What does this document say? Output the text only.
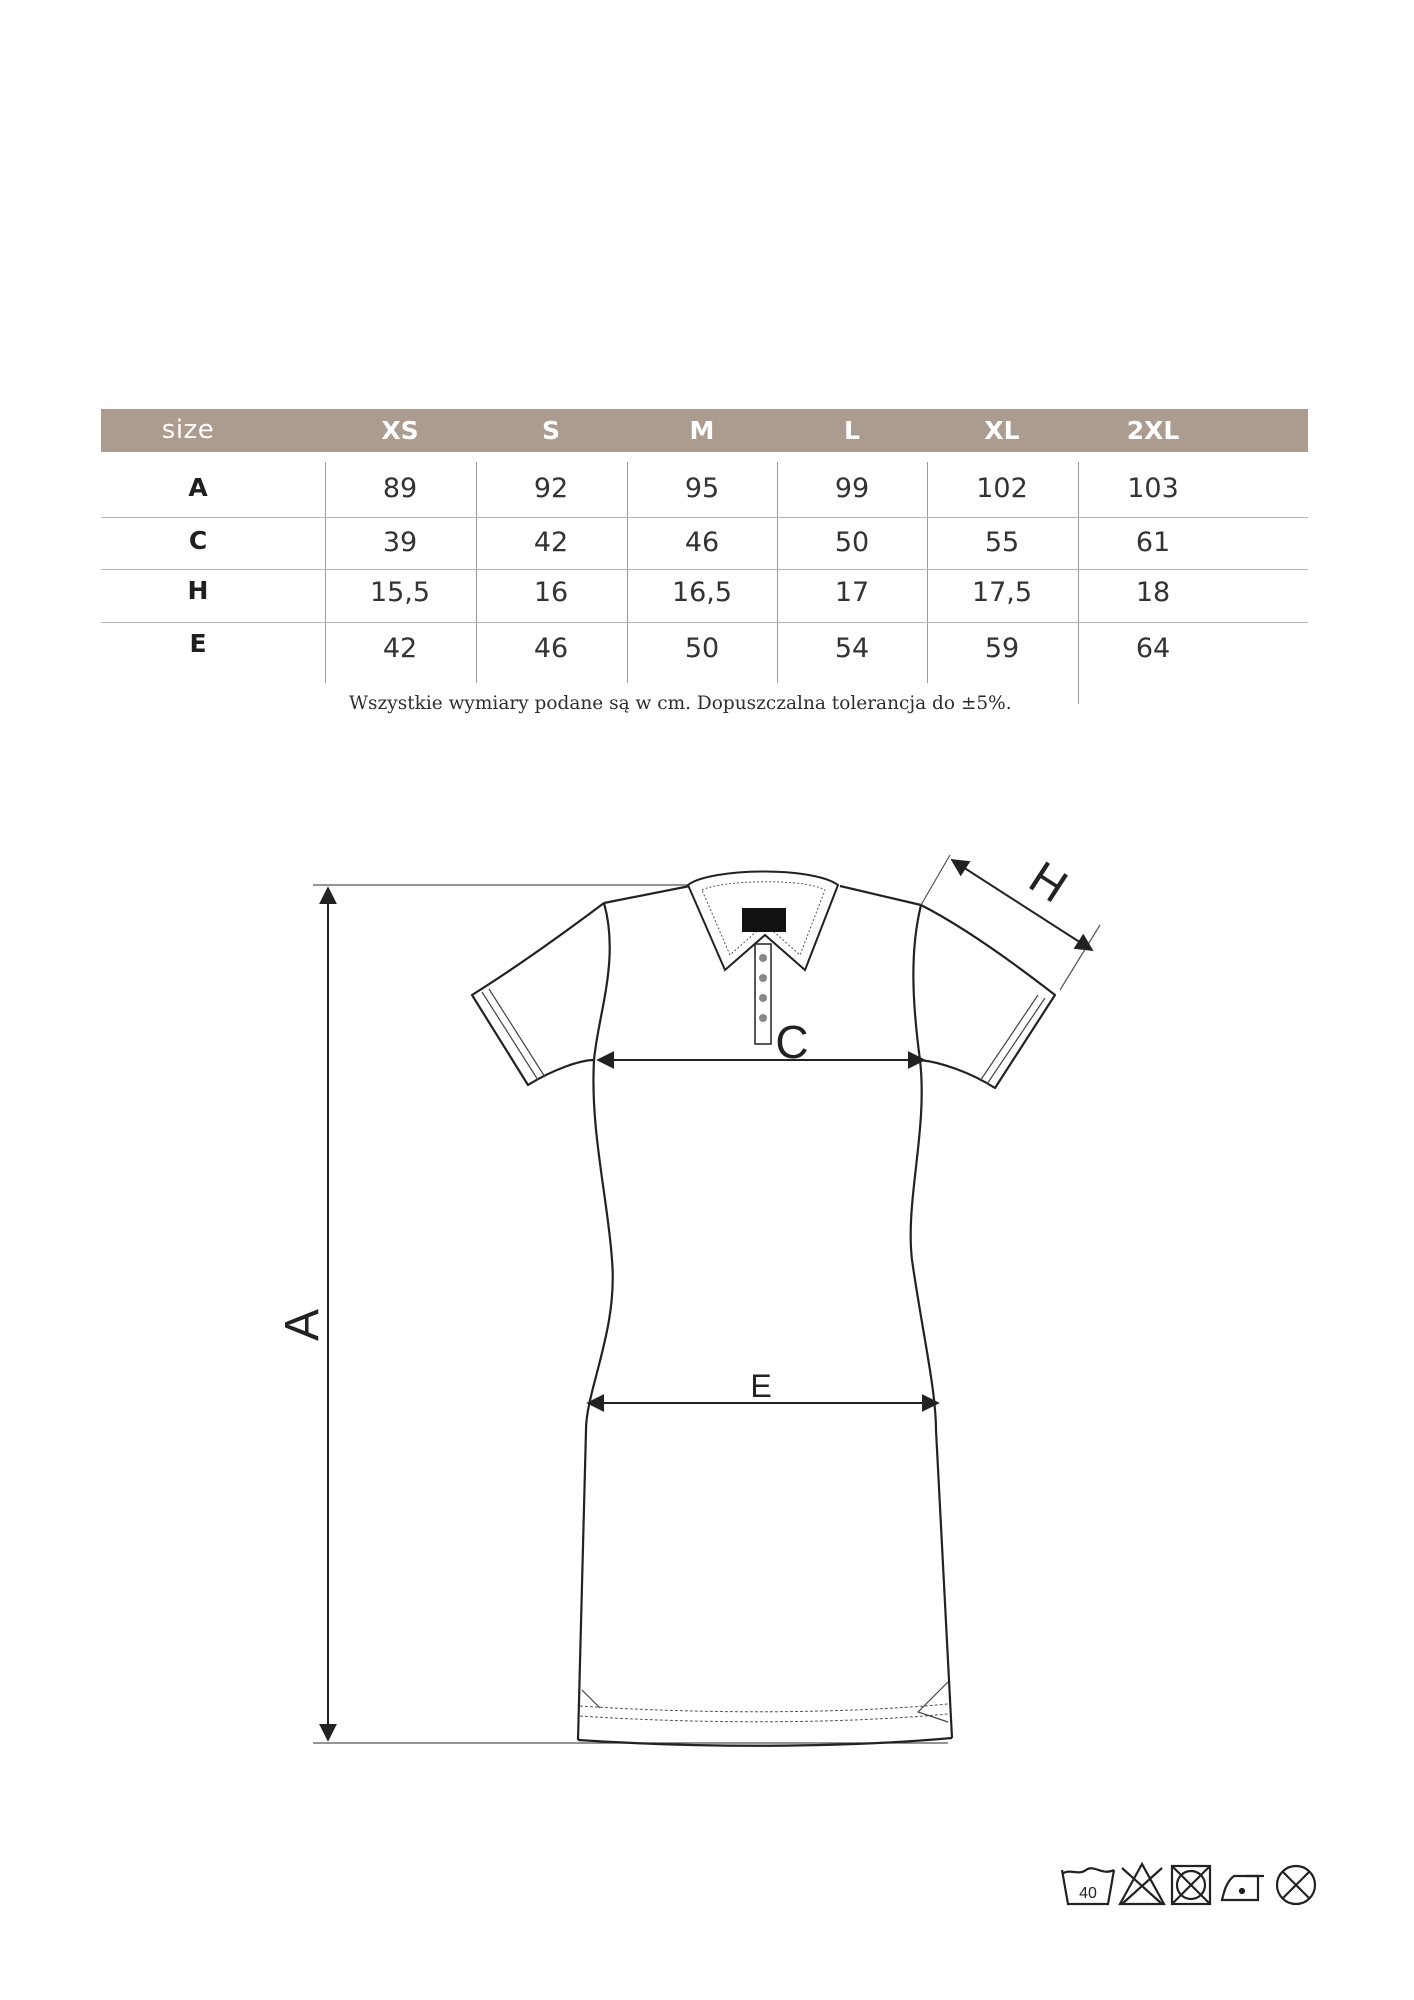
size	XS	S	M	L	XL	2XL
A	89	92	95	99	102	103
C	39	42	46	50	55	61
H	15,5	16	16,5	17	17,5	18
E	42	46	50	54	59	64
Wszystkie wymiary podane są w cm. Dopuszczalna tolerancja do ±5%.
A
C
E
H
40
